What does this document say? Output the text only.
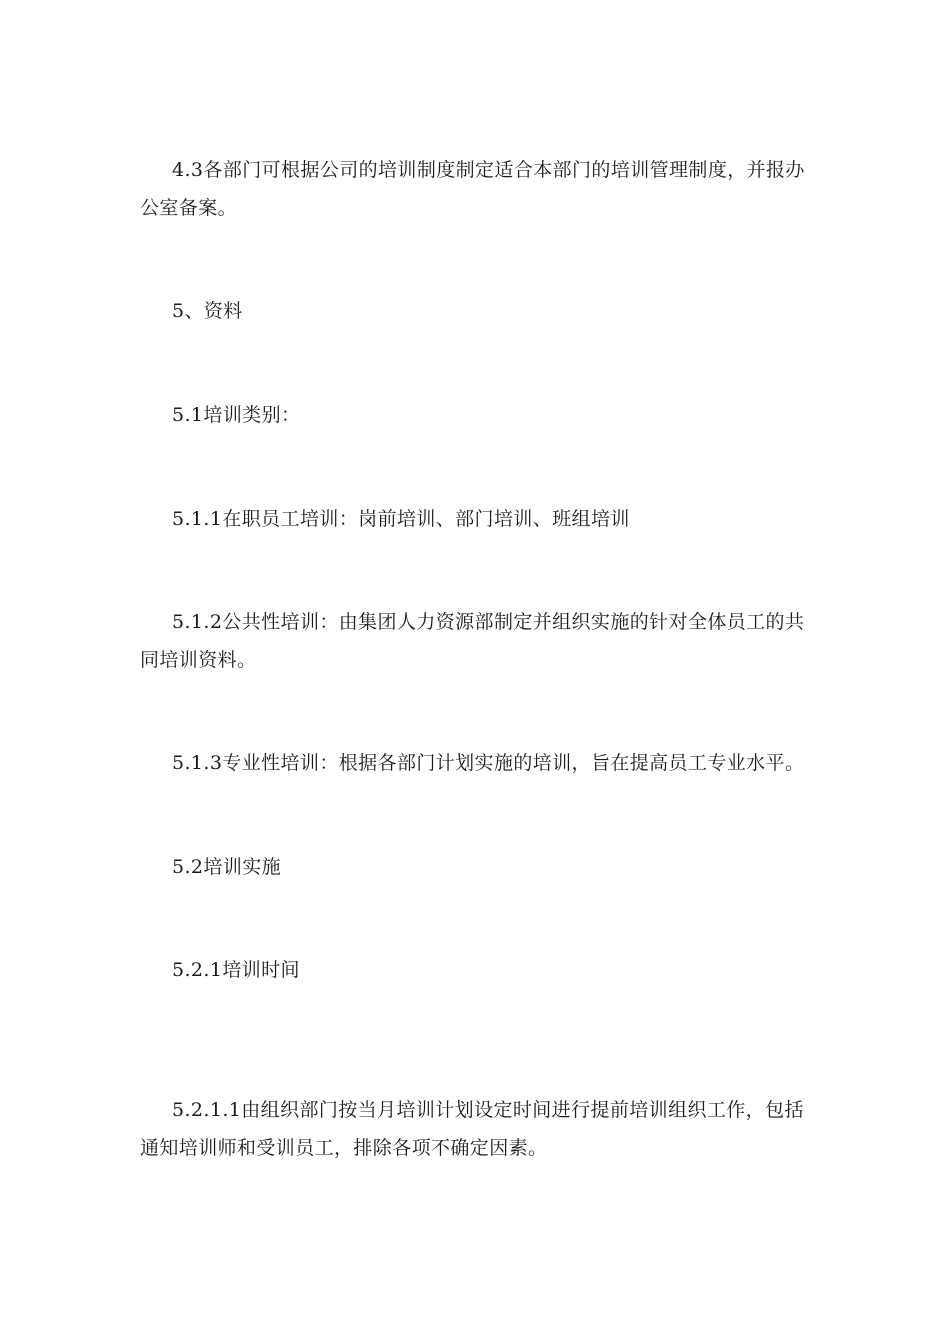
4.3各部门可根据公司的培训制度制定适合本部门的培训管理制度，并报办公室备案。

5、资料

5.1培训类别：

5.1.1在职员工培训：岗前培训、部门培训、班组培训

5.1.2公共性培训：由集团人力资源部制定并组织实施的针对全体员工的共同培训资料。

5.1.3专业性培训：根据各部门计划实施的培训，旨在提高员工专业水平。

5.2培训实施

5.2.1培训时间

5.2.1.1由组织部门按当月培训计划设定时间进行提前培训组织工作，包括通知培训师和受训员工，排除各项不确定因素。
